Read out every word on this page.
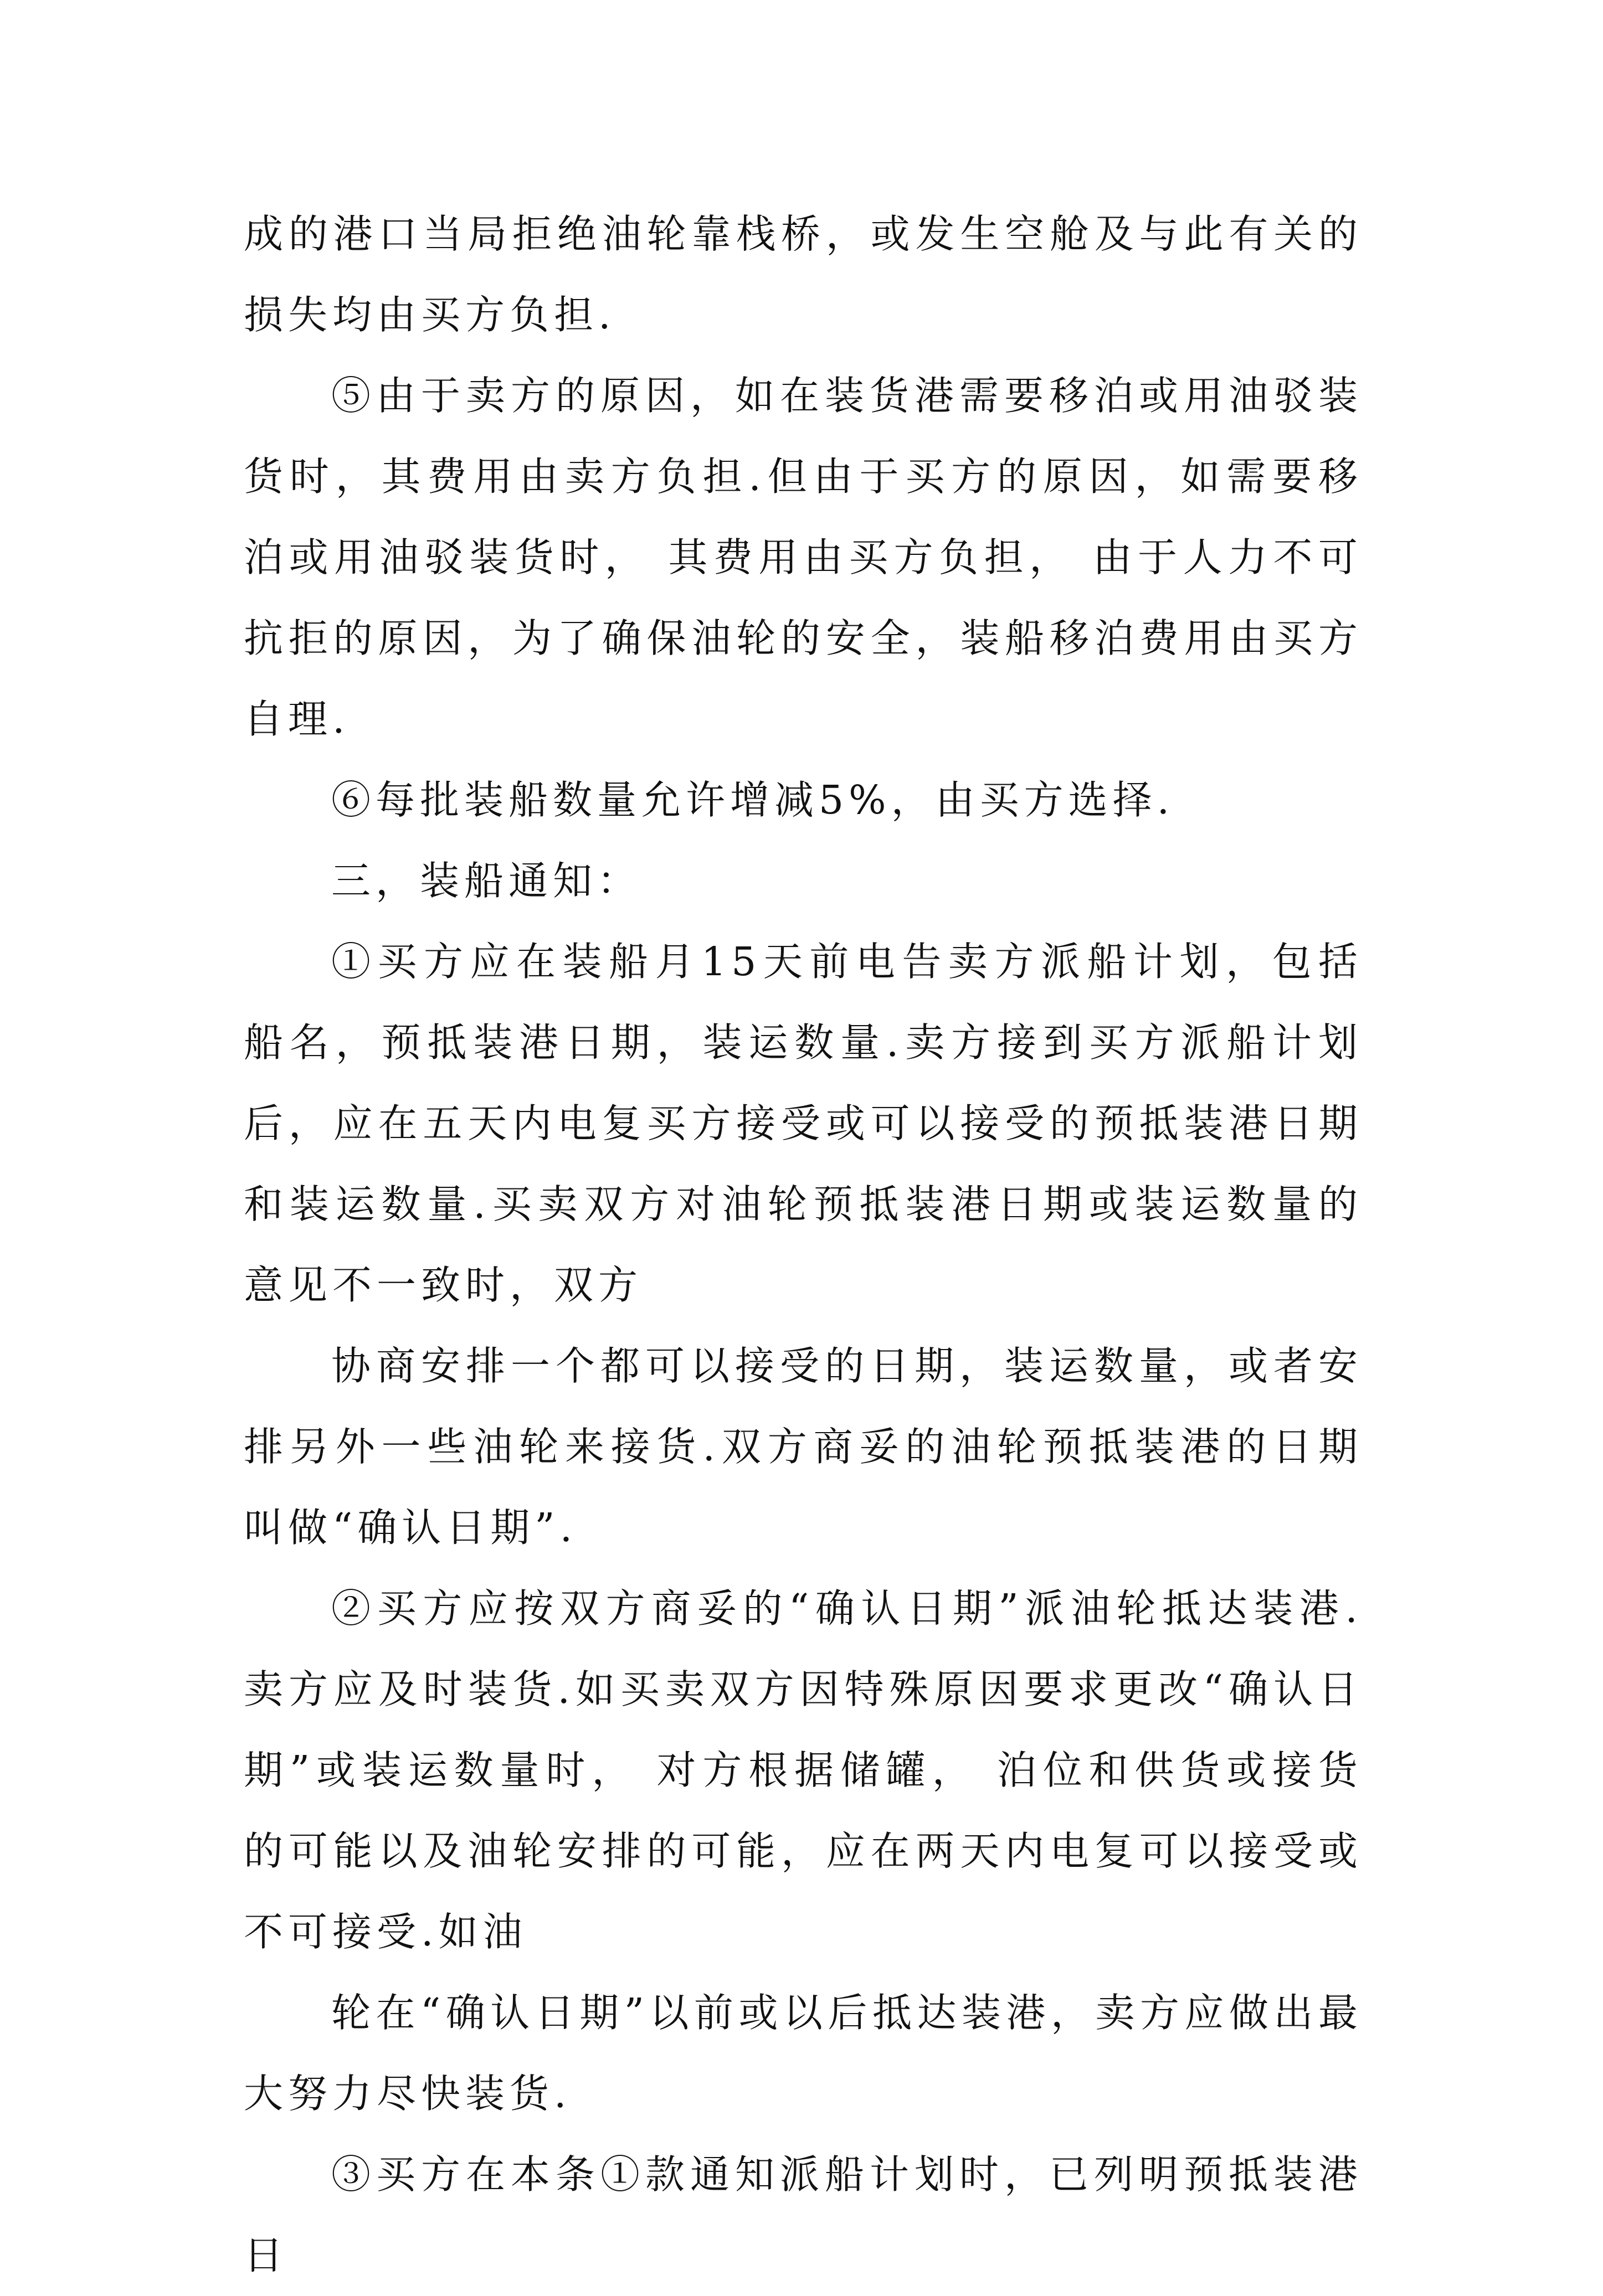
成的港口当局拒绝油轮靠栈桥，或发生空舱及与此有关的损失均由买方负担.

⑤由于卖方的原因，如在装货港需要移泊或用油驳装货时，其费用由卖方负担.但由于买方的原因，如需要移泊或用油驳装货时， 其费用由买方负担， 由于人力不可抗拒的原因，为了确保油轮的安全，装船移泊费用由买方自理.

⑥每批装船数量允许增减5%，由买方选择.

三，装船通知：

①买方应在装船月15天前电告卖方派船计划，包括船名，预抵装港日期，装运数量.卖方接到买方派船计划后，应在五天内电复买方接受或可以接受的预抵装港日期和装运数量.买卖双方对油轮预抵装港日期或装运数量的意见不一致时，双方

协商安排一个都可以接受的日期，装运数量，或者安排另外一些油轮来接货.双方商妥的油轮预抵装港的日期叫做“确认日期”.

②买方应按双方商妥的“确认日期”派油轮抵达装港.卖方应及时装货.如买卖双方因特殊原因要求更改“确认日期”或装运数量时， 对方根据储罐， 泊位和供货或接货的可能以及油轮安排的可能，应在两天内电复可以接受或不可接受.如油

轮在“确认日期”以前或以后抵达装港，卖方应做出最大努力尽快装货.

③买方在本条①款通知派船计划时，已列明预抵装港日
